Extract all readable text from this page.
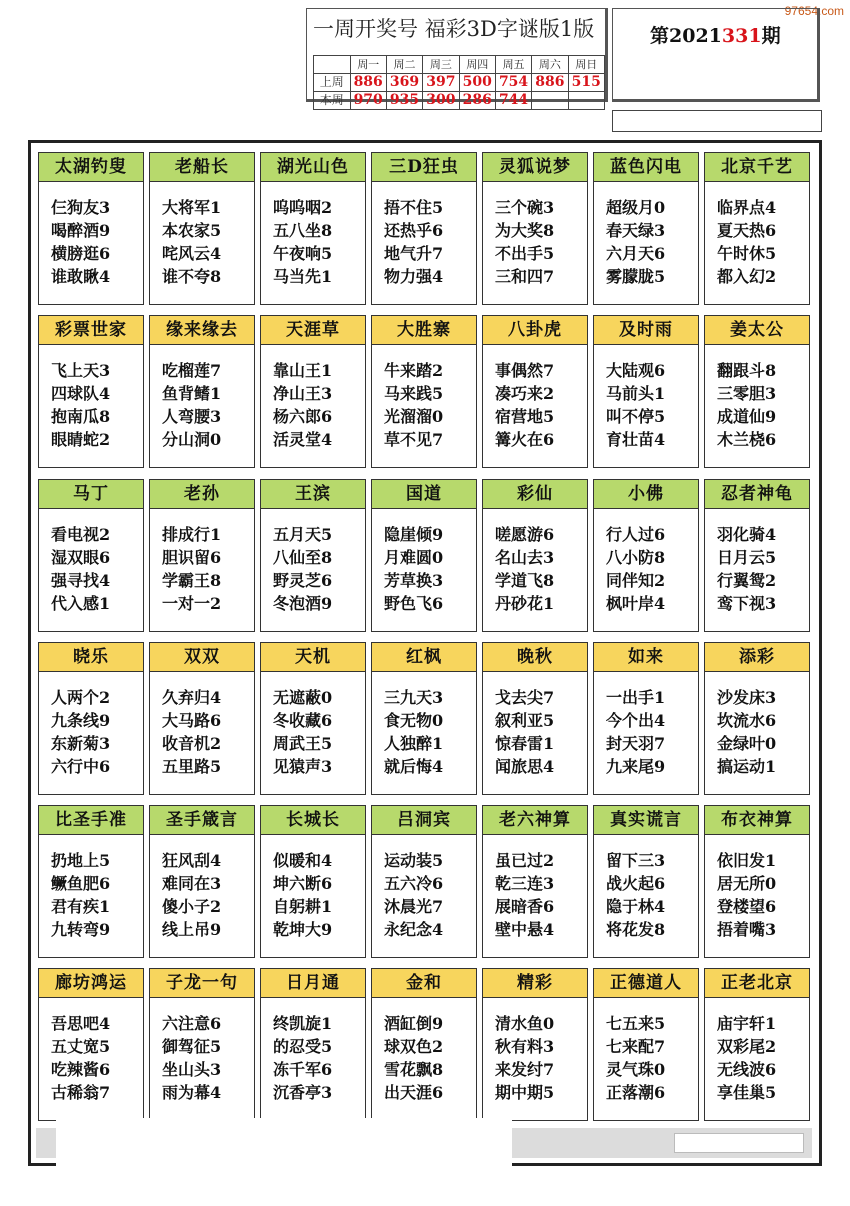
97654.com
一周开奖号 福彩3D字谜版1版
	周一	周二	周三	周四	周五	周六	周日
上周	886	369	397	500	754	886	515
本周	970	935	300	286	744		
第2021331期
太湖钓叟
仨狗友3
喝醉酒9
横膀逛6
谁敢瞅4
老船长
大将军1
本农家5
咤风云4
谁不夸8
湖光山色
呜呜咽2
五八坐8
午夜响5
马当先1
三D狂虫
捂不住5
还热乎6
地气升7
物力强4
灵狐说梦
三个碗3
为大奖8
不出手5
三和四7
蓝色闪电
超级月0
春天绿3
六月天6
雾朦胧5
北京千艺
临界点4
夏天热6
午时休5
都入幻2
彩票世家
飞上天3
四球队4
抱南瓜8
眼睛蛇2
缘来缘去
吃榴莲7
鱼背鳍1
人弯腰3
分山洞0
天涯草
靠山王1
净山王3
杨六郎6
活灵堂4
大胜寨
牛来踏2
马来践5
光溜溜0
草不见7
八卦虎
事偶然7
凑巧来2
宿营地5
篝火在6
及时雨
大陆观6
马前头1
叫不停5
育壮苗4
姜太公
翻跟斗8
三零胆3
成道仙9
木兰桡6
马丁
看电视2
湿双眼6
强寻找4
代入感1
老孙
排成行1
胆识留6
学霸王8
一对一2
王滨
五月天5
八仙至8
野灵芝6
冬泡酒9
国道
隐崖倾9
月难圆0
芳草换3
野色飞6
彩仙
嗟愿游6
名山去3
学道飞8
丹砂花1
小佛
行人过6
八小防8
同伴知2
枫叶岸4
忍者神龟
羽化骑4
日月云5
行翼鸳2
鸾下视3
晓乐
人两个2
九条线9
东新菊3
六行中6
双双
久弃归4
大马路6
收音机2
五里路5
天机
无遮蔽0
冬收藏6
周武王5
见猿声3
红枫
三九天3
食无物0
人独醉1
就后悔4
晚秋
戈去尖7
叙利亚5
惊春雷1
闻旅思4
如来
一出手1
今个出4
封天羽7
九来尾9
添彩
沙发床3
坎流水6
金绿叶0
搞运动1
比圣手准
扔地上5
鳜鱼肥6
君有疾1
九转弯9
圣手箴言
狂风刮4
难同在3
傻小子2
线上吊9
长城长
似暖和4
坤六断6
自躬耕1
乾坤大9
吕洞宾
运动装5
五六冷6
沐晨光7
永纪念4
老六神算
虽已过2
乾三连3
展暗香6
壁中悬4
真实谎言
留下三3
战火起6
隐于林4
将花发8
布衣神算
依旧发1
居无所0
登楼望6
捂着嘴3
廊坊鸿运
吾思吧4
五丈宽5
吃辣酱6
古稀翁7
子龙一句
六注意6
御驾征5
坐山头3
雨为幕4
日月通
终凯旋1
的忍受5
冻千军6
沉香亭3
金和
酒缸倒9
球双色2
雪花飘8
出天涯6
精彩
清水鱼0
秋有料3
来发纣7
期中期5
正德道人
七五来5
七来配7
灵气珠0
正落潮6
正老北京
庙宇轩1
双彩尾2
无线波6
享佳巢5
